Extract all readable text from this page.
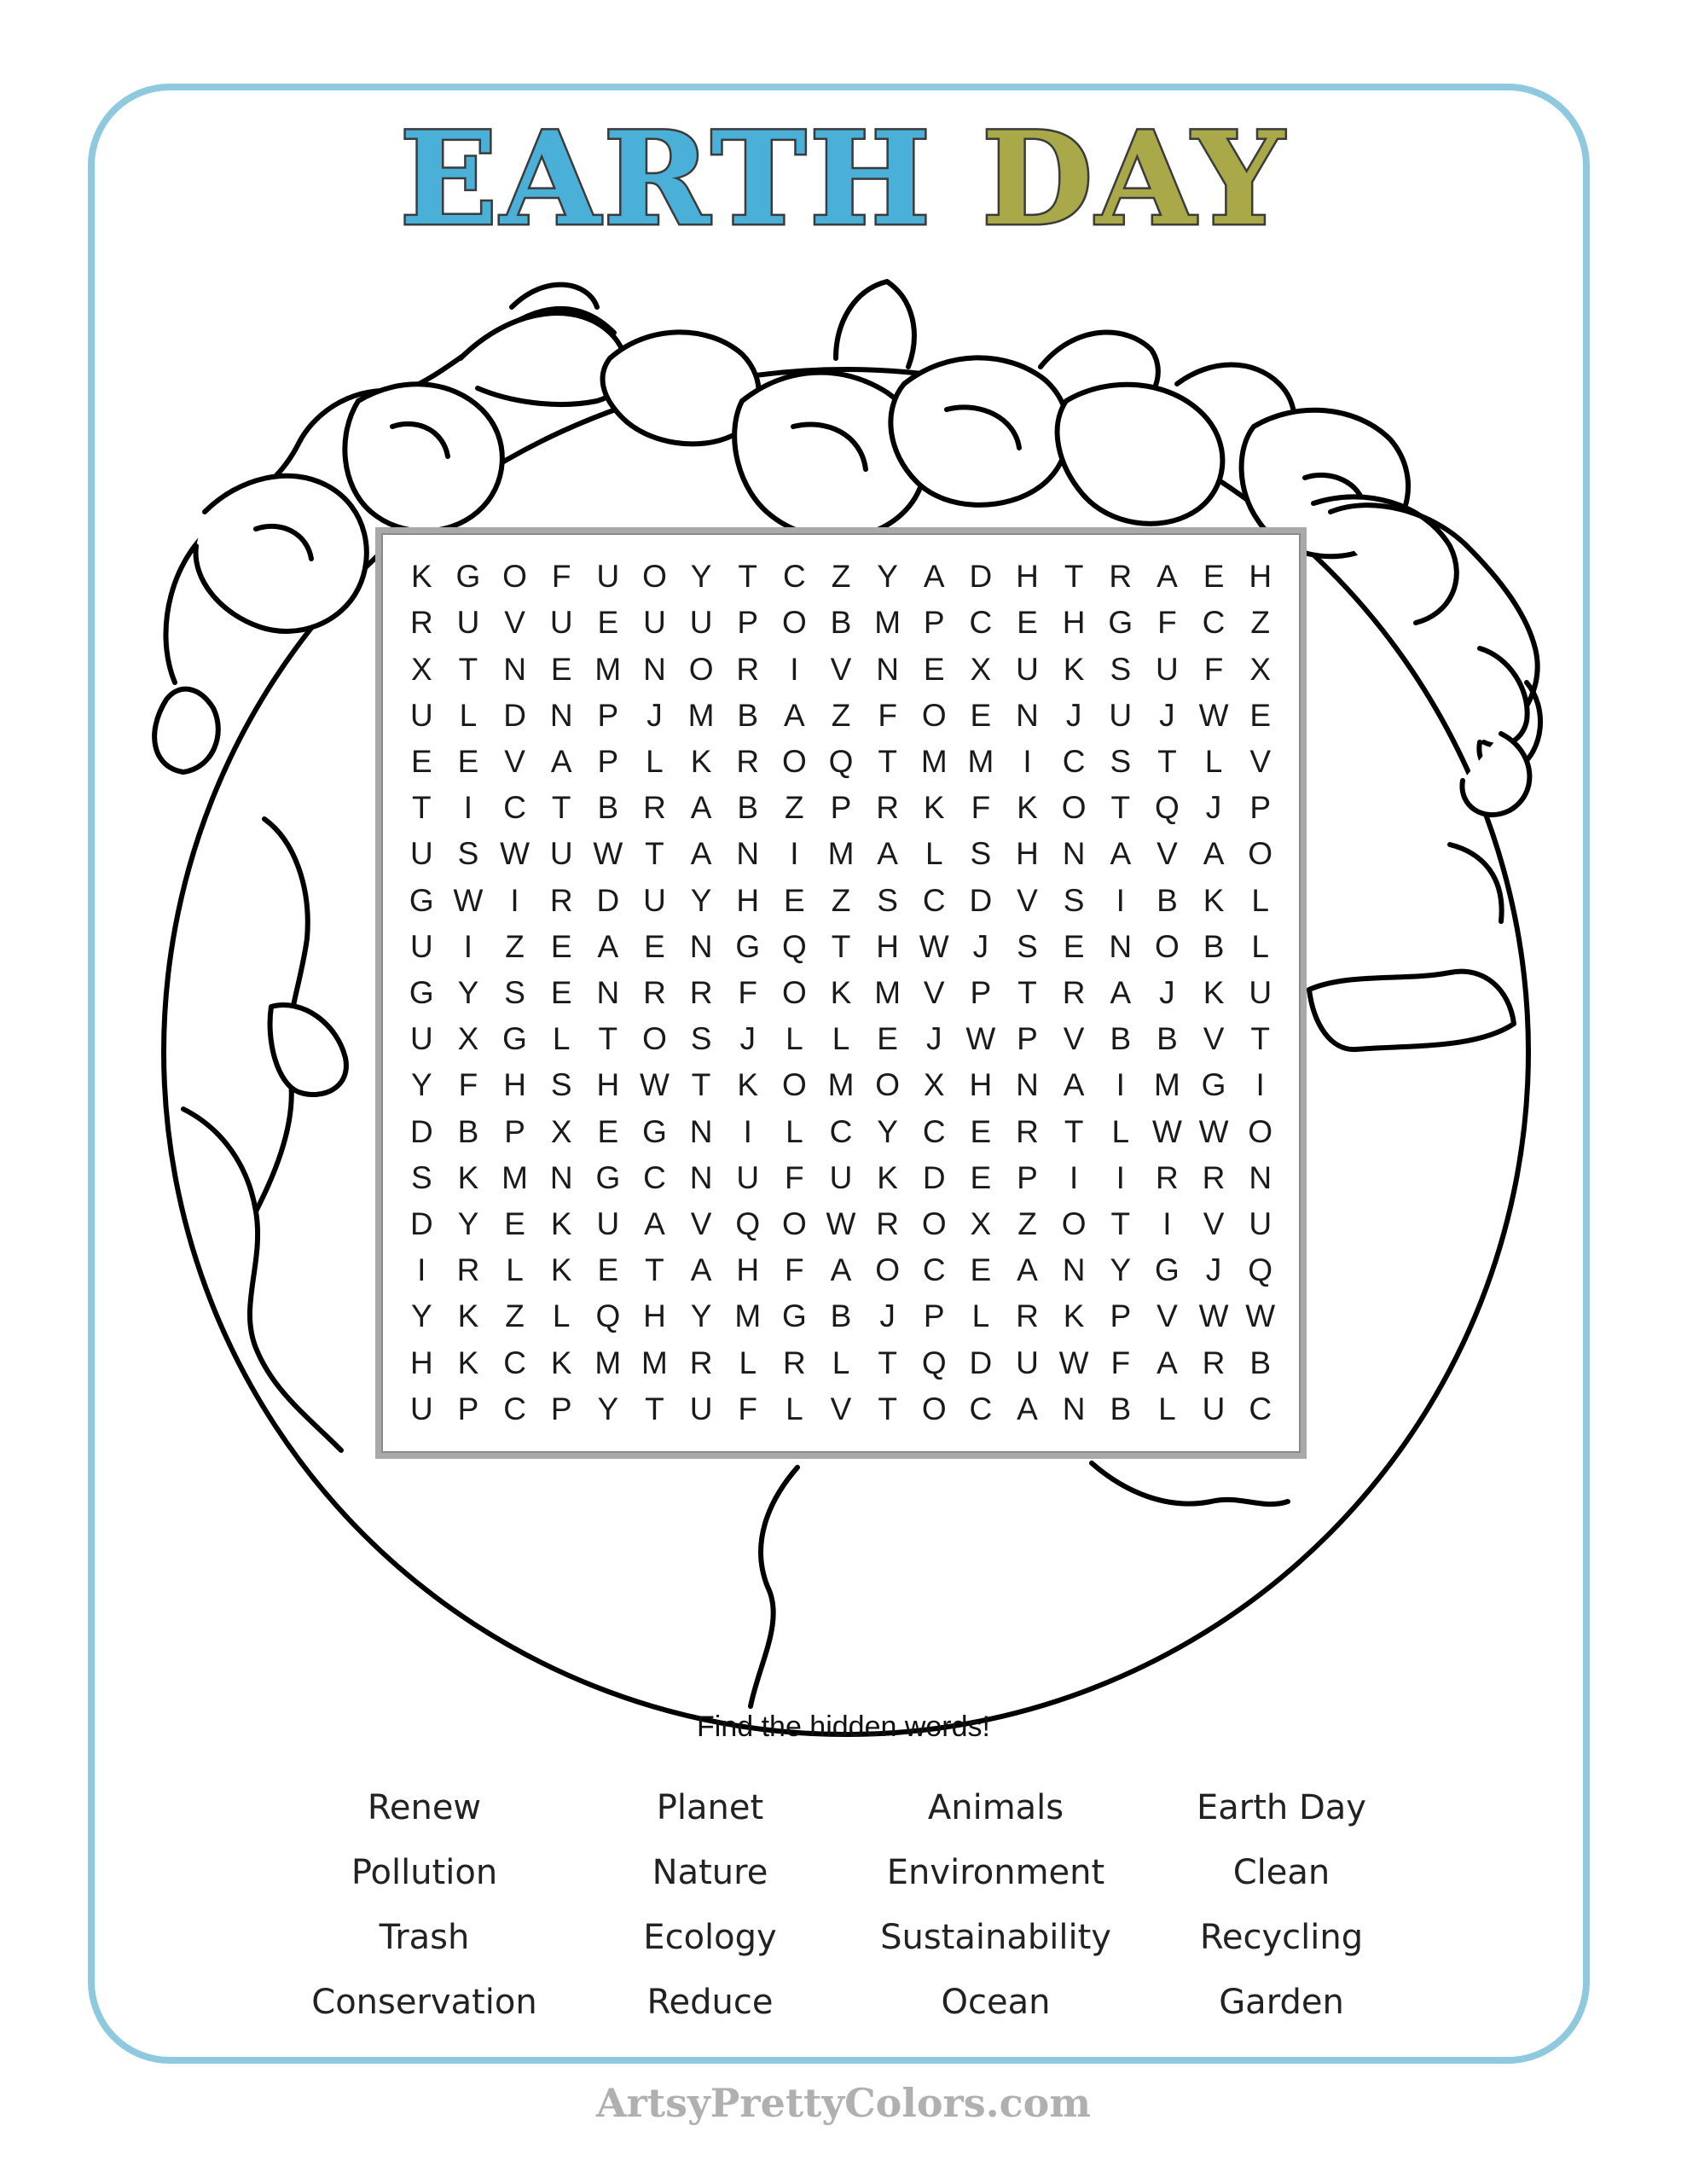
EARTH DAY
K G O F U O Y T C Z Y A D H T R A E H
R U V U E U U P O B M P C E H G F C Z
X T N E M N O R I	V N E X U K S U F X
U L D N P J M B A Z F O E N J U J W E
E E V A P L K R O Q T M M I C S T L V
T	I C T B R A B Z P R K F K O T Q J P
U S W U W T A N I M A L S H N A V A O
G W I R D U Y H E Z S C D V S	I	B K L
U I	Z E A E N G Q T H W J S E N O B L
G Y S E N R R F O K M V P T R A J K U
U X G L T O S J L L E J W P V B B V T
Y F H S H W T K O M O X H N A	I M G I
D B P X E G N I	L C Y C E R T L W W O
S K M N G C N U F U K D E P	I	I R R N
D Y E K U A V Q O W R O X Z O T	I	V U
I R L K E T A H F A O C E A N Y G J Q
Y K Z L Q H Y M G B J P L R K P V W W
H K C K M M R L R L T Q D U W F A R B
U P C P Y T U F L V T O C A N B L U C
Find the hidden words!
Renew	Planet	Animals	Earth Day
Pollution	Nature	Environment	Clean
Trash	Ecology	Sustainability	Recycling
Conservation	Reduce	Ocean	Garden
ArtsyPrettyColors.com
